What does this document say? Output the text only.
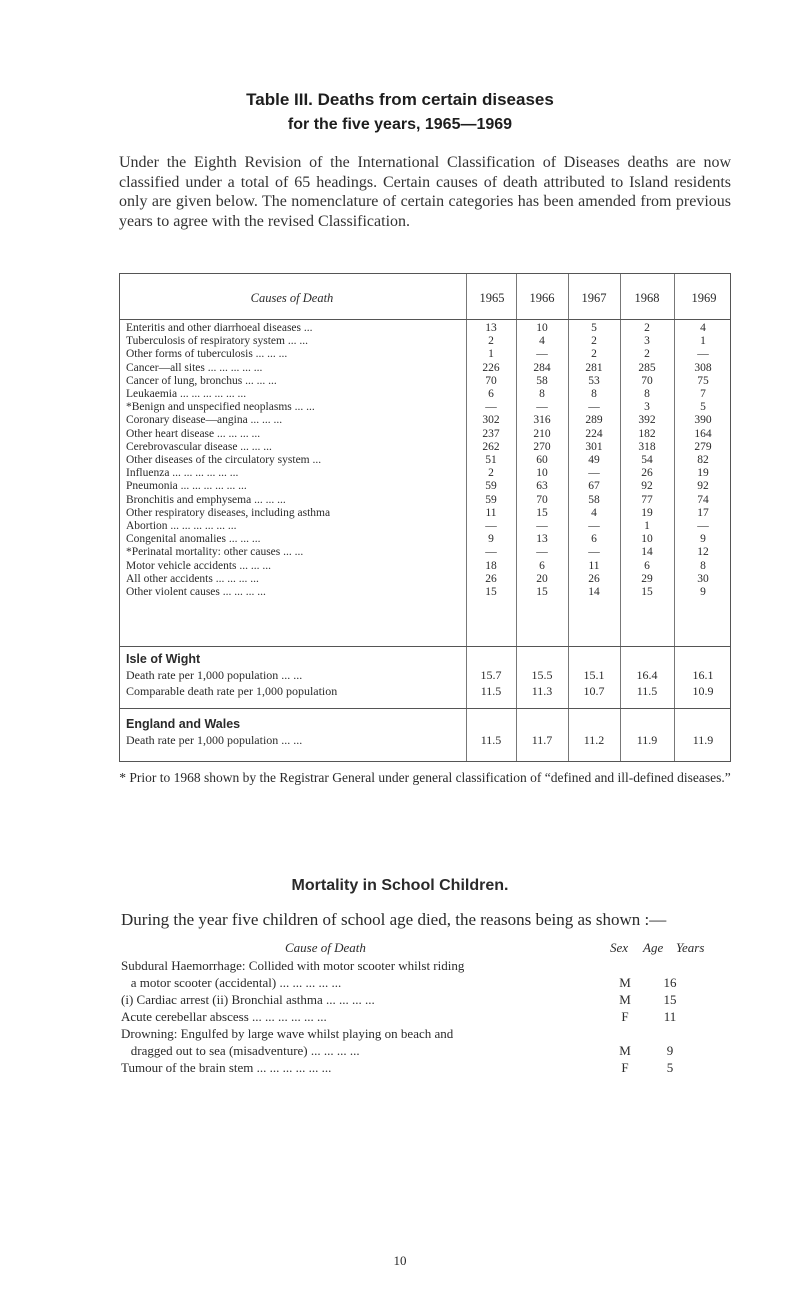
Table III. Deaths from certain diseases
for the five years, 1965—1969

Under the Eighth Revision of the International Classification of Diseases deaths are now classified under a total of 65 headings. Certain causes of death attributed to Island residents only are given below. The nomenclature of certain categories has been amended from previous years to agree with the revised Classification.

Causes of Death	1965	1966	1967	1968	1969
Enteritis and other diarrhoeal diseases ...	13	10	5	2	4
Tuberculosis of respiratory system ... ...	2	4	2	3	1
Other forms of tuberculosis ... ... ...	1	—	2	2	—
Cancer—all sites ... ... ... ... ...	226	284	281	285	308
Cancer of lung, bronchus ... ... ...	70	58	53	70	75
Leukaemia ... ... ... ... ... ...	6	8	8	8	7
*Benign and unspecified neoplasms ... ...	—	—	—	3	5
Coronary disease—angina ... ... ...	302	316	289	392	390
Other heart disease ... ... ... ...	237	210	224	182	164
Cerebrovascular disease ... ... ...	262	270	301	318	279
Other diseases of the circulatory system ...	51	60	49	54	82
Influenza ... ... ... ... ... ...	2	10	—	26	19
Pneumonia ... ... ... ... ... ...	59	63	67	92	92
Bronchitis and emphysema ... ... ...	59	70	58	77	74
Other respiratory diseases, including asthma	11	15	4	19	17
Abortion ... ... ... ... ... ...	—	—	—	1	—
Congenital anomalies ... ... ...	9	13	6	10	9
*Perinatal mortality: other causes ... ...	—	—	—	14	12
Motor vehicle accidents ... ... ...	18	6	11	6	8
All other accidents ... ... ... ...	26	20	26	29	30
Other violent causes ... ... ... ...	15	15	14	15	9
Isle of Wight
Death rate per 1,000 population ... ...	15.7	15.5	15.1	16.4	16.1
Comparable death rate per 1,000 population	11.5	11.3	10.7	11.5	10.9
England and Wales
Death rate per 1,000 population ... ...	11.5	11.7	11.2	11.9	11.9

* Prior to 1968 shown by the Registrar General under general classification of “defined and ill-defined diseases.”

Mortality in School Children.

During the year five children of school age died, the reasons being as shown :—

Cause of Death	Sex Age Years
Subdural Haemorrhage: Collided with motor scooter whilst riding
a motor scooter (accidental) ... ... ... ... ...	M	16
(i) Cardiac arrest (ii) Bronchial asthma ... ... ... ...	M	15
Acute cerebellar abscess ... ... ... ... ... ...	F	11
Drowning: Engulfed by large wave whilst playing on beach and
dragged out to sea (misadventure) ... ... ... ...	M	9
Tumour of the brain stem ... ... ... ... ... ...	F	5
10
